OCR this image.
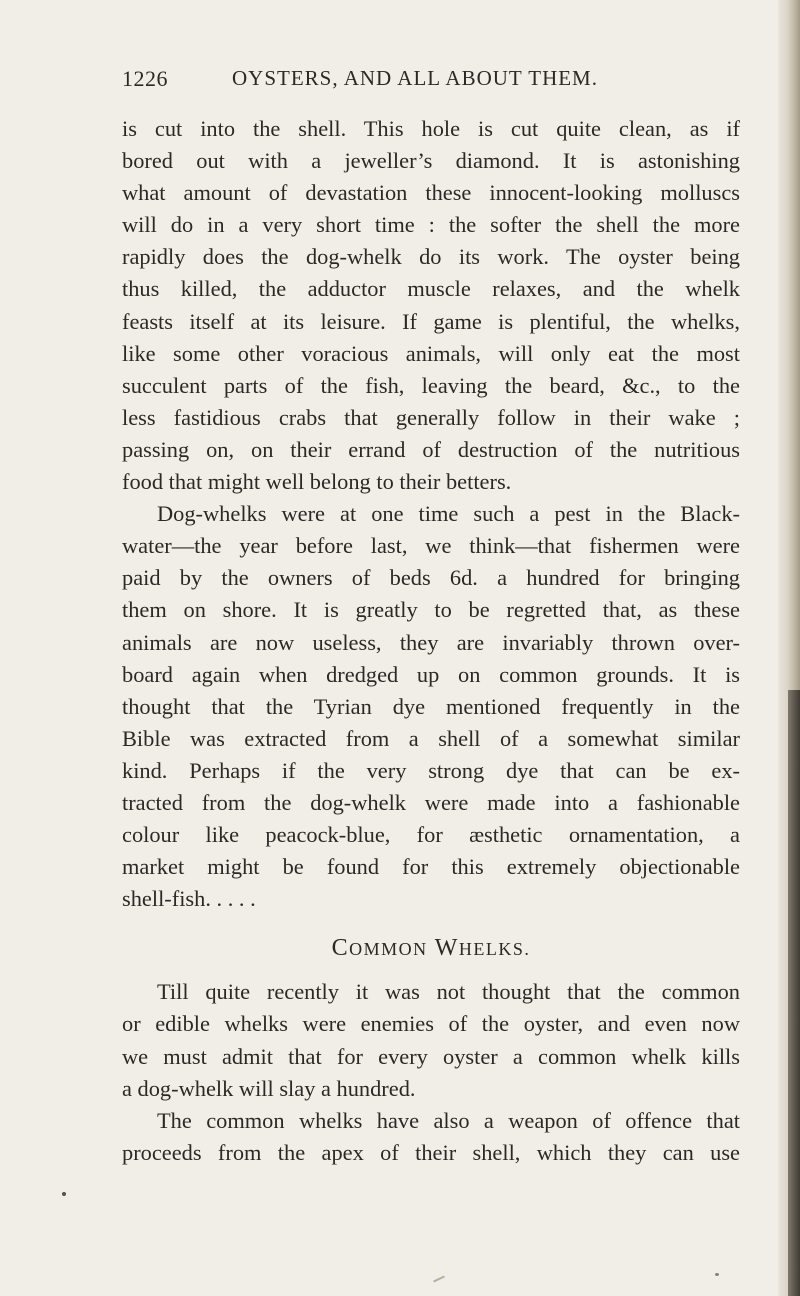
1226	OYSTERS, AND ALL ABOUT THEM.
is cut into the shell. This hole is cut quite clean, as if
bored out with a jeweller’s diamond. It is astonishing
what amount of devastation these innocent-looking molluscs
will do in a very short time : the softer the shell the more
rapidly does the dog-whelk do its work. The oyster being
thus killed, the adductor muscle relaxes, and the whelk
feasts itself at its leisure. If game is plentiful, the whelks,
like some other voracious animals, will only eat the most
succulent parts of the fish, leaving the beard, &c., to the
less fastidious crabs that generally follow in their wake ;
passing on, on their errand of destruction of the nutritious
food that might well belong to their betters.
Dog-whelks were at one time such a pest in the Black-
water—the year before last, we think—that fishermen were
paid by the owners of beds 6d. a hundred for bringing
them on shore. It is greatly to be regretted that, as these
animals are now useless, they are invariably thrown over-
board again when dredged up on common grounds. It is
thought that the Tyrian dye mentioned frequently in the
Bible was extracted from a shell of a somewhat similar
kind. Perhaps if the very strong dye that can be ex-
tracted from the dog-whelk were made into a fashionable
colour like peacock-blue, for æsthetic ornamentation, a
market might be found for this extremely objectionable
shell-fish. . . . .
COMMON WHELKS.
Till quite recently it was not thought that the common
or edible whelks were enemies of the oyster, and even now
we must admit that for every oyster a common whelk kills
a dog-whelk will slay a hundred.
The common whelks have also a weapon of offence that
proceeds from the apex of their shell, which they can use
